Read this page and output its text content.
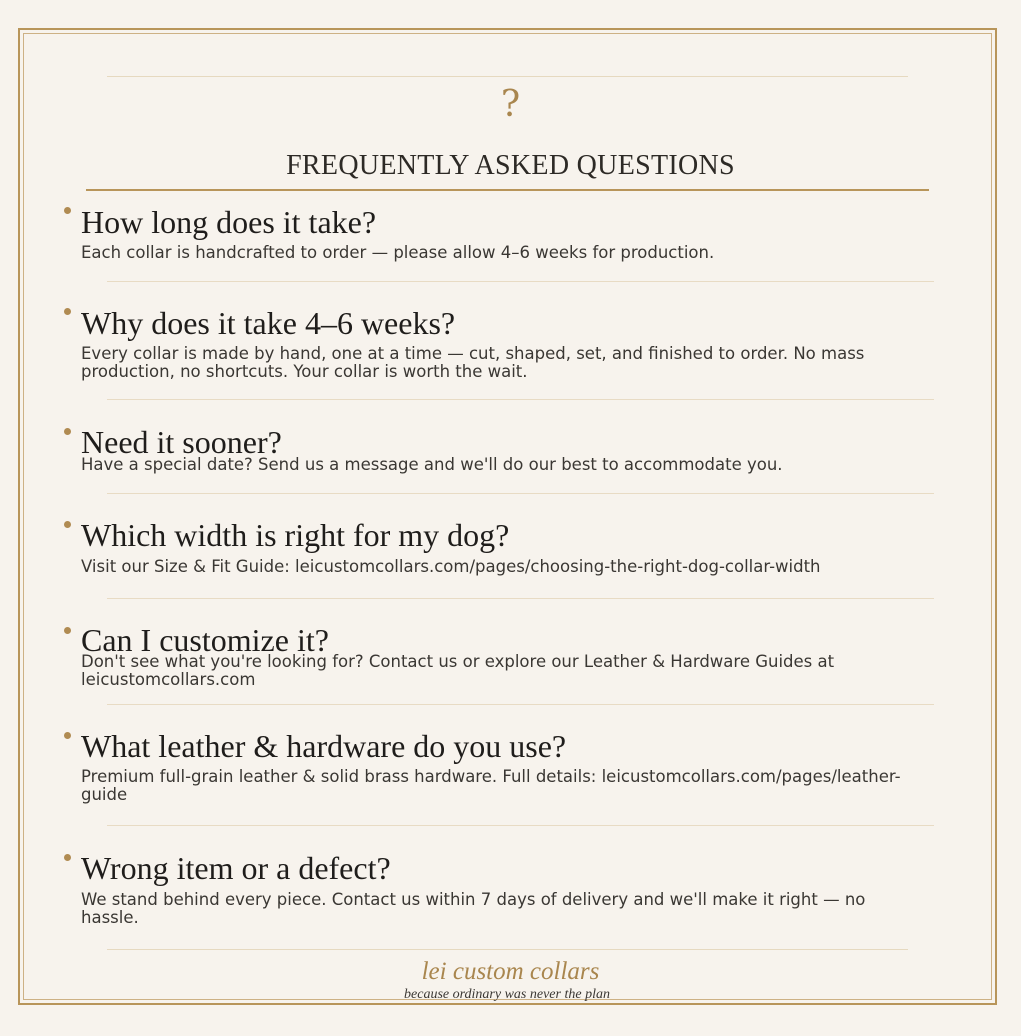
?
FREQUENTLY ASKED QUESTIONS
How long does it take?
Each collar is handcrafted to order — please allow 4–6 weeks for production.
Why does it take 4–6 weeks?
Every collar is made by hand, one at a time — cut, shaped, set, and finished to order. No mass production, no shortcuts. Your collar is worth the wait.
Need it sooner?
Have a special date? Send us a message and we'll do our best to accommodate you.
Which width is right for my dog?
Visit our Size & Fit Guide: leicustomcollars.com/pages/choosing-the-right-dog-collar-width
Can I customize it?
Don't see what you're looking for? Contact us or explore our Leather & Hardware Guides at leicustomcollars.com
What leather & hardware do you use?
Premium full-grain leather & solid brass hardware. Full details: leicustomcollars.com/pages/leather-guide
Wrong item or a defect?
We stand behind every piece. Contact us within 7 days of delivery and we'll make it right — no hassle.
lei custom collars
because ordinary was never the plan
